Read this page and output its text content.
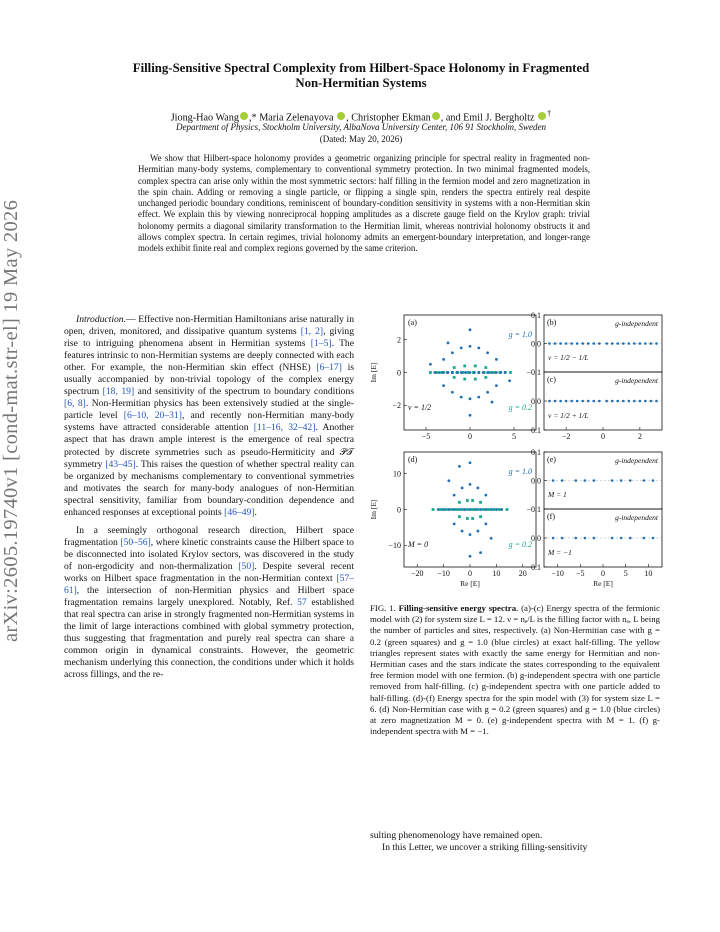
arXiv:2605.19740v1 [cond-mat.str-el] 19 May 2026
Filling-Sensitive Spectral Complexity from Hilbert-Space Holonomy in Fragmented
Non-Hermitian Systems
Jiong-Hao Wang ,* Maria Zelenayova , Christopher Ekman , and Emil J. Bergholtz †
Department of Physics, Stockholm University, AlbaNova University Center, 106 91 Stockholm, Sweden
(Dated: May 20, 2026)
We show that Hilbert-space holonomy provides a geometric organizing principle for spectral reality in fragmented non-Hermitian many-body systems, complementary to conventional symmetry protection. In two minimal fragmented models, complex spectra can arise only within the most symmetric sectors: half filling in the fermion model and zero magnetization in the spin chain. Adding or removing a single particle, or flipping a single spin, renders the spectra entirely real despite unchanged periodic boundary conditions, reminiscent of boundary-condition sensitivity in systems with a non-Hermitian skin effect. We explain this by viewing nonreciprocal hopping amplitudes as a discrete gauge field on the Krylov graph: trivial holonomy permits a diagonal similarity transformation to the Hermitian limit, whereas nontrivial holonomy obstructs it and allows complex spectra. In certain regimes, trivial holonomy admits an emergent-boundary interpretation, and longer-range models exhibit finite real and complex regions governed by the same criterion.

Introduction.— Effective non-Hermitian Hamiltonians arise naturally in open, driven, monitored, and dissipative quantum systems [1, 2], giving rise to intriguing phenomena absent in Hermitian systems [1–5]. The features intrinsic to non-Hermitian systems are deeply connected with each other. For example, the non-Hermitian skin effect (NHSE) [6–17] is usually accompanied by non-trivial topology of the complex energy spectrum [18, 19] and sensitivity of the spectrum to boundary conditions [6, 8]. Non-Hermitian physics has been extensively studied at the single-particle level [6–10, 20–31], and recently non-Hermitian many-body systems have attracted considerable attention [11–16, 32–42]. Another aspect that has drawn ample interest is the emergence of real spectra protected by discrete symmetries such as pseudo-Hermiticity and 𝒫𝒯 symmetry [43–45]. This raises the question of whether spectral reality can be organized by mechanisms complementary to conventional symmetries and motivates the search for many-body analogues of non-Hermitian spectral sensitivity, familiar from boundary-condition dependence and enhanced responses at exceptional points [46–49].

In a seemingly orthogonal research direction, Hilbert space fragmentation [50–56], where kinetic constraints cause the Hilbert space to be disconnected into isolated Krylov sectors, was discovered in the study of non-ergodicity and non-thermalization [50]. Despite several recent works on Hilbert space fragmentation in the non-Hermitian context [57–61], the intersection of non-Hermitian physics and Hilbert space fragmentation remains largely unexplored. Notably, Ref. 57 established that real spectra can arise in strongly fragmented non-Hermitian systems in the limit of large interactions combined with global symmetry protection, thus suggesting that fragmentation and purely real spectra can share a common origin in dynamical constraints. However, the geometric mechanism underlying this connection, the conditions under which it holds across fillings, and the re-

−5	0	5
2
0
−2
(a)
g = 1.0
g = 0.2
ν = 1/2
Im [E]
(b)	g-independent
ν = 1/2 − 1/L
(c)	g-independent
ν = 1/2 + 1/L
0.1
0.0
−0.1
0.0
−0.1
−2	0	2
−20 −10 0	10 20
10
0
−10
(d)
g = 1.0
g = 0.2
M = 0
Im [E]
Re [E]
(e)	g-independent
M = 1
(f)	g-independent
M = −1
0.1
0.0
−0.1
0.0
−0.1
−10 −5 0 5 10
Re [E]
FIG. 1. Filling-sensitive energy spectra. (a)-(c) Energy spectra of the fermionic model with (2) for system size L = 12. ν = nₑ/L is the filling factor with nₑ, L being the number of particles and sites, respectively. (a) Non-Hermitian case with g = 0.2 (green squares) and g = 1.0 (blue circles) at exact half-filling. The yellow triangles represent states with exactly the same energy for Hermitian and non-Hermitian cases and the stars indicate the states corresponding to the equivalent free fermion model with one fermion. (b) g-independent spectra with one particle removed from half-filling. (c) g-independent spectra with one particle added to half-filling. (d)-(f) Energy spectra for the spin model with (3) for system size L = 6. (d) Non-Hermitian case with g = 0.2 (green squares) and g = 1.0 (blue circles) at zero magnetization M = 0. (e) g-independent spectra with M = 1. (f) g-independent spectra with M = −1.

sulting phenomenology have remained open.

In this Letter, we uncover a striking filling-sensitivity
